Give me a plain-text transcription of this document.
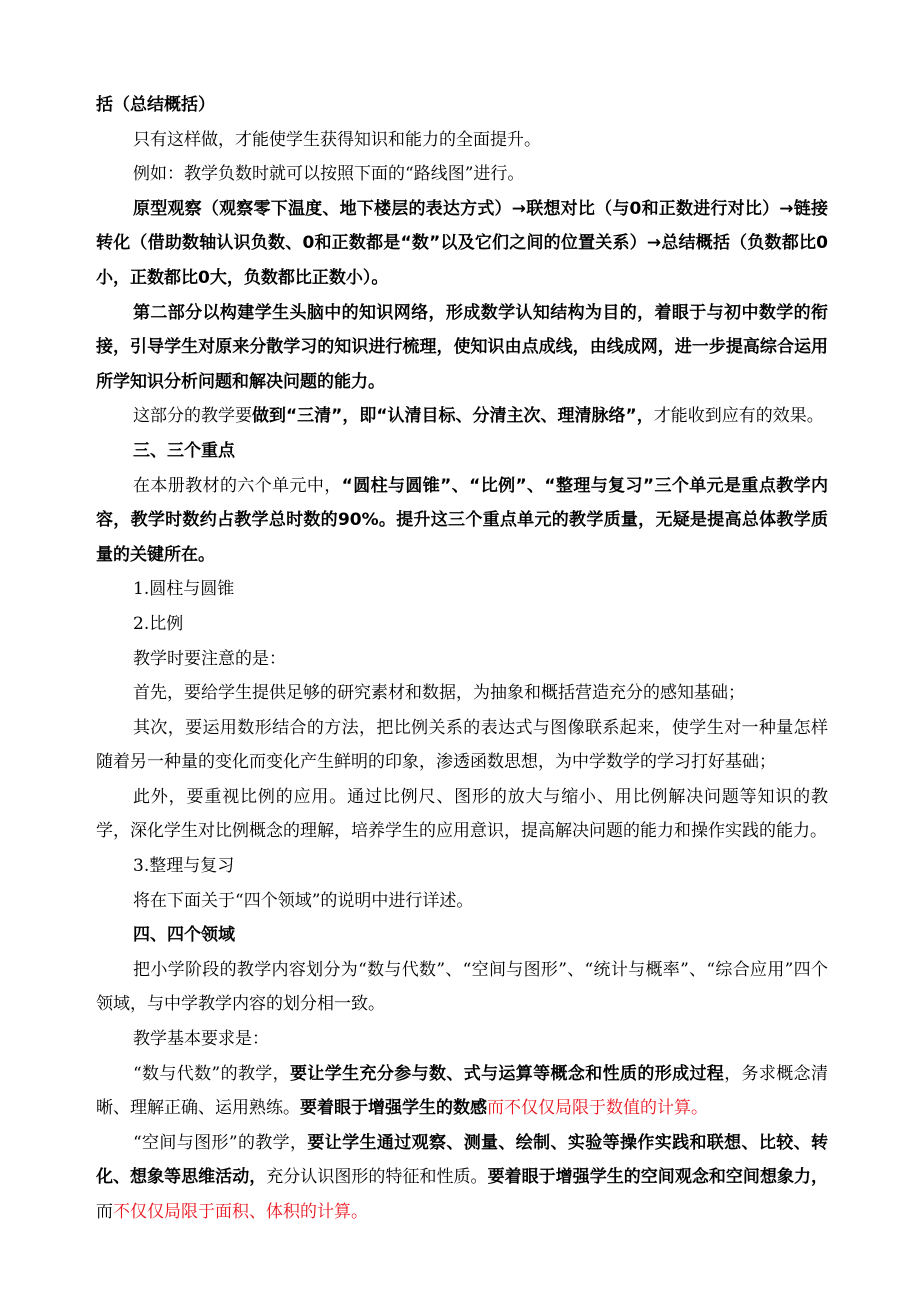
括（总结概括）

只有这样做，才能使学生获得知识和能力的全面提升。

例如：教学负数时就可以按照下面的“路线图”进行。

原型观察（观察零下温度、地下楼层的表达方式）→联想对比（与0和正数进行对比）→链接转化（借助数轴认识负数、0和正数都是“数”以及它们之间的位置关系）→总结概括（负数都比0小，正数都比0大，负数都比正数小）。

第二部分以构建学生头脑中的知识网络，形成数学认知结构为目的，着眼于与初中数学的衔接，引导学生对原来分散学习的知识进行梳理，使知识由点成线，由线成网，进一步提高综合运用所学知识分析问题和解决问题的能力。

这部分的教学要做到“三清”，即“认清目标、分清主次、理清脉络”，才能收到应有的效果。

三、三个重点

在本册教材的六个单元中，“圆柱与圆锥”、“比例”、“整理与复习”三个单元是重点教学内容，教学时数约占教学总时数的90%。提升这三个重点单元的教学质量，无疑是提高总体教学质量的关键所在。

1.圆柱与圆锥

2.比例

教学时要注意的是：

首先，要给学生提供足够的研究素材和数据，为抽象和概括营造充分的感知基础；

其次，要运用数形结合的方法，把比例关系的表达式与图像联系起来，使学生对一种量怎样随着另一种量的变化而变化产生鲜明的印象，渗透函数思想，为中学数学的学习打好基础；

此外，要重视比例的应用。通过比例尺、图形的放大与缩小、用比例解决问题等知识的教学，深化学生对比例概念的理解，培养学生的应用意识，提高解决问题的能力和操作实践的能力。

3.整理与复习

将在下面关于“四个领域”的说明中进行详述。

四、四个领域

把小学阶段的教学内容划分为“数与代数”、“空间与图形”、“统计与概率”、“综合应用”四个领域，与中学教学内容的划分相一致。

教学基本要求是：

“数与代数”的教学，要让学生充分参与数、式与运算等概念和性质的形成过程，务求概念清晰、理解正确、运用熟练。要着眼于增强学生的数感而不仅仅局限于数值的计算。

“空间与图形”的教学，要让学生通过观察、测量、绘制、实验等操作实践和联想、比较、转化、想象等思维活动，充分认识图形的特征和性质。要着眼于增强学生的空间观念和空间想象力，而不仅仅局限于面积、体积的计算。
